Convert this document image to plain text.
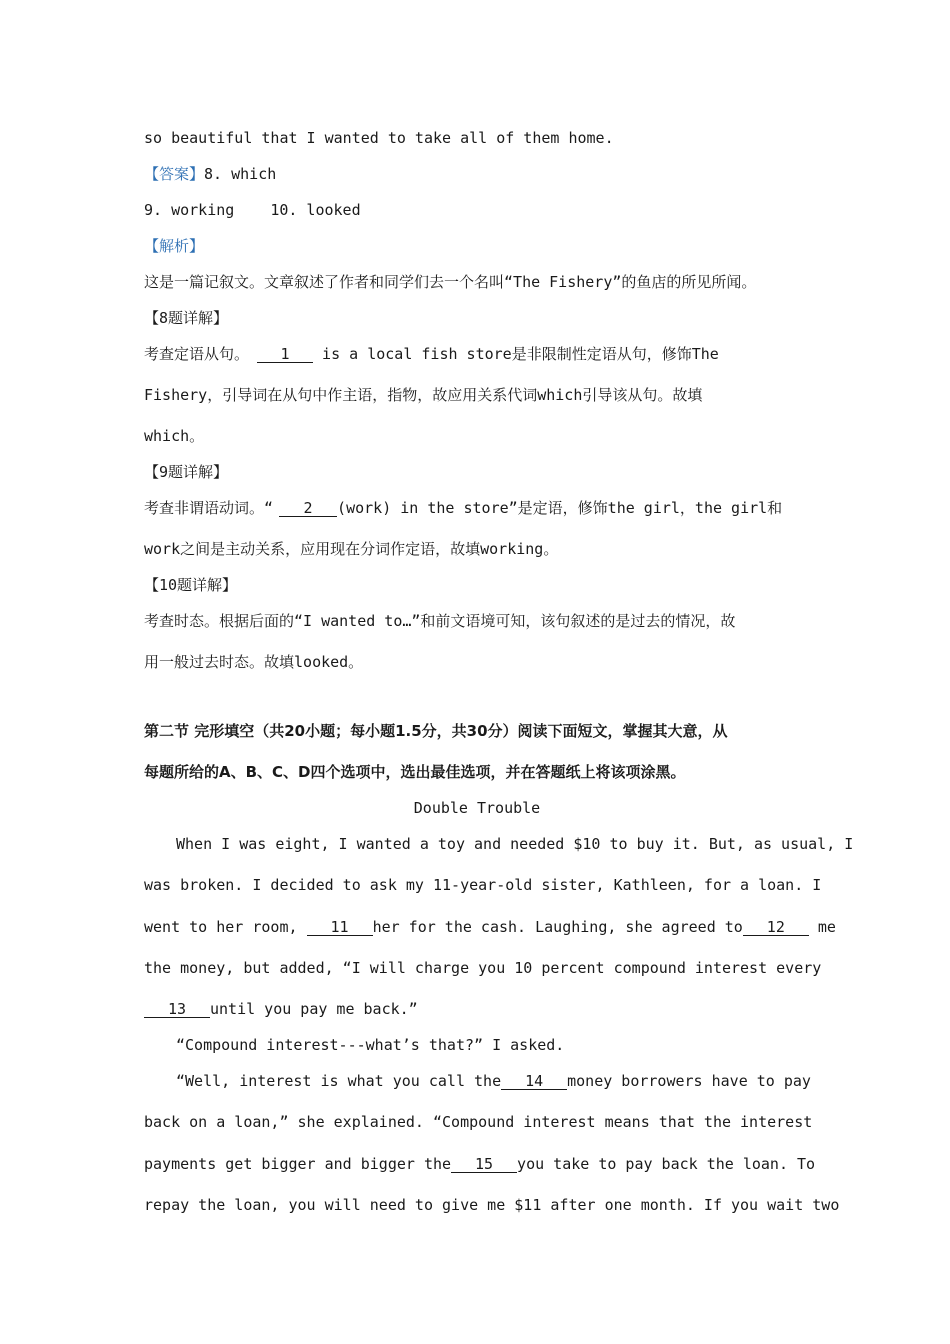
so beautiful that I wanted to take all of them home.
【答案】8. which
9. working 10. looked
【解析】
这是一篇记叙文。文章叙述了作者和同学们去一个名叫“The Fishery”的鱼店的所见所闻。
【8题详解】
考查定语从句。 1 is a local fish store是非限制性定语从句，修饰The
Fishery，引导词在从句中作主语，指物，故应用关系代词which引导该从句。故填
which。
【9题详解】
考查非谓语动词。“ 2 (work) in the store”是定语，修饰the girl，the girl和
work之间是主动关系，应用现在分词作定语，故填working。
【10题详解】
考查时态。根据后面的“I wanted to…”和前文语境可知，该句叙述的是过去的情况，故
用一般过去时态。故填looked。
第二节 完形填空（共20小题；每小题1.5分，共30分）阅读下面短文，掌握其大意，从
每题所给的A、B、C、D四个选项中，选出最佳选项，并在答题纸上将该项涂黑。
Double Trouble
When I was eight, I wanted a toy and needed $10 to buy it. But, as usual, I
was broken. I decided to ask my 11-year-old sister, Kathleen, for a loan. I
went to her room, 11 her for the cash. Laughing, she agreed to 12 me
the money, but added, “I will charge you 10 percent compound interest every
13 until you pay me back.”
“Compound interest---what’s that?” I asked.
“Well, interest is what you call the 14 money borrowers have to pay
back on a loan,” she explained. “Compound interest means that the interest
payments get bigger and bigger the 15 you take to pay back the loan. To
repay the loan, you will need to give me $11 after one month. If you wait two
